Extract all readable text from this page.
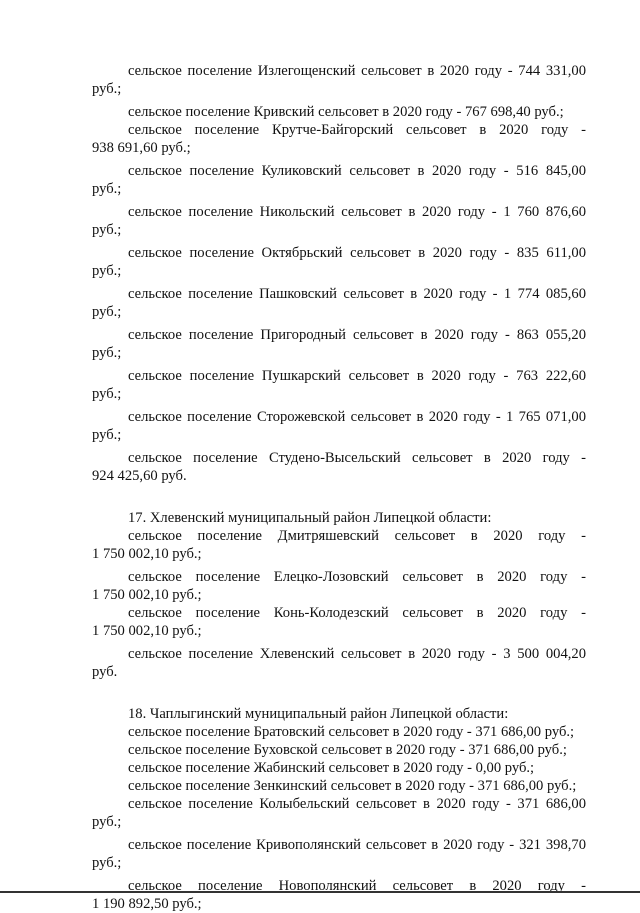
сельское поселение Излегощенский сельсовет в 2020 году - 744 331,00
руб.;
сельское поселение Кривский сельсовет в 2020 году - 767 698,40 руб.;
сельское поселение Крутче-Байгорский сельсовет в 2020 году -
938 691,60 руб.;
сельское поселение Куликовский сельсовет в 2020 году - 516 845,00
руб.;
сельское поселение Никольский сельсовет в 2020 году - 1 760 876,60
руб.;
сельское поселение Октябрьский сельсовет в 2020 году - 835 611,00
руб.;
сельское поселение Пашковский сельсовет в 2020 году - 1 774 085,60
руб.;
сельское поселение Пригородный сельсовет в 2020 году - 863 055,20
руб.;
сельское поселение Пушкарский сельсовет в 2020 году - 763 222,60
руб.;
сельское поселение Сторожевской сельсовет в 2020 году - 1 765 071,00
руб.;
сельское поселение Студено-Высельский сельсовет в 2020 году -
924 425,60 руб.
17. Хлевенский муниципальный район Липецкой области:
сельское поселение Дмитряшевский сельсовет в 2020 году -
1 750 002,10 руб.;
сельское поселение Елецко-Лозовский сельсовет в 2020 году -
1 750 002,10 руб.;
сельское поселение Конь-Колодезский сельсовет в 2020 году -
1 750 002,10 руб.;
сельское поселение Хлевенский сельсовет в 2020 году - 3 500 004,20
руб.
18. Чаплыгинский муниципальный район Липецкой области:
сельское поселение Братовский сельсовет в 2020 году - 371 686,00 руб.;
сельское поселение Буховской сельсовет в 2020 году - 371 686,00 руб.;
сельское поселение Жабинский сельсовет в 2020 году - 0,00 руб.;
сельское поселение Зенкинский сельсовет в 2020 году - 371 686,00 руб.;
сельское поселение Колыбельский сельсовет в 2020 году - 371 686,00
руб.;
сельское поселение Кривополянский сельсовет в 2020 году - 321 398,70
руб.;
сельское поселение Новополянский сельсовет в 2020 году -
1 190 892,50 руб.;
